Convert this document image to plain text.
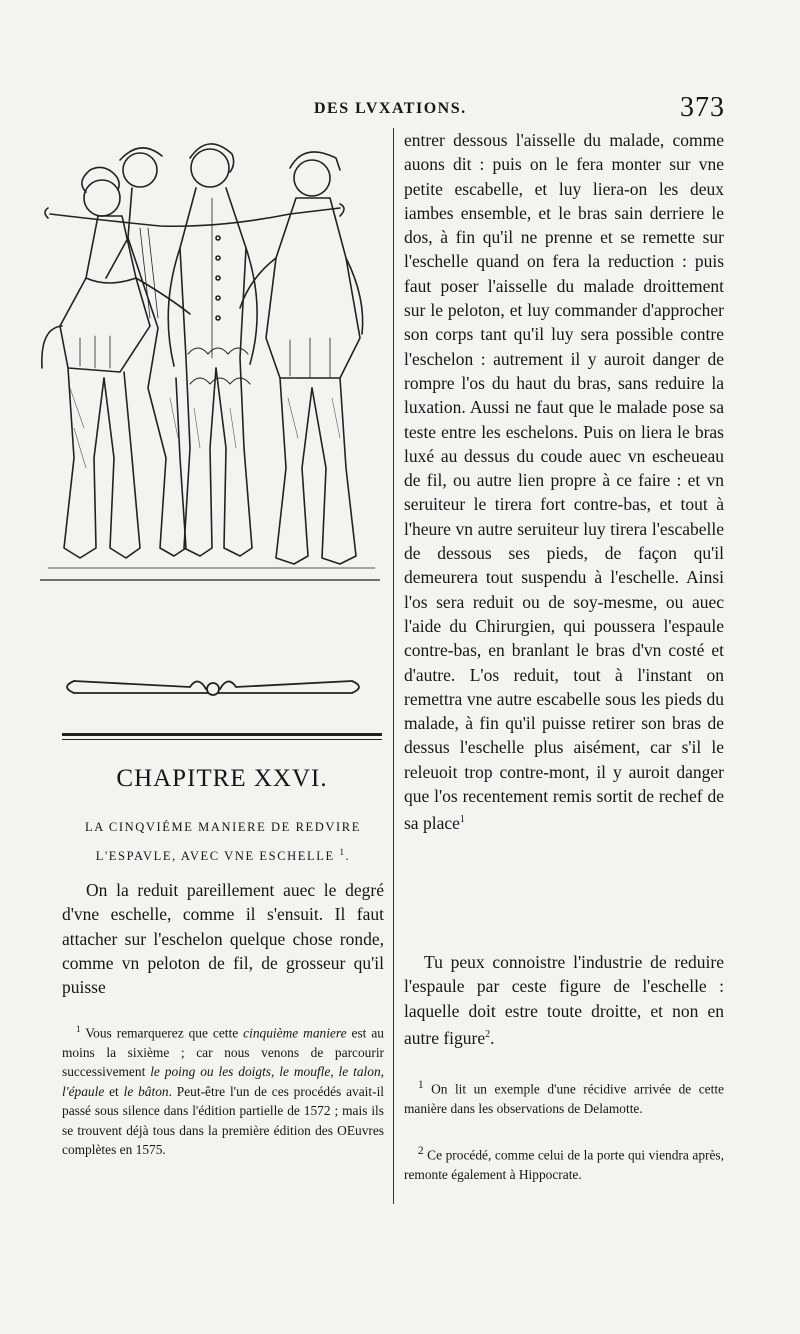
DES LVXATIONS.	373
CHAPITRE XXVI.
LA CINQVIÉME MANIERE DE REDVIRE
L'ESPAVLE, AVEC VNE ESCHELLE $^1$.

On la reduit pareillement auec le degré d'vne eschelle, comme il s'ensuit. Il faut attacher sur l'eschelon quelque chose ronde, comme vn peloton de fil, de grosseur qu'il puisse

$^1$ Vous remarquerez que cette cinquième maniere est au moins la sixième ; car nous venons de parcourir successivement le poing ou les doigts, le moufle, le talon, l'épaule et le bâton. Peut-être l'un de ces procédés avait-il passé sous silence dans l'édition partielle de 1572 ; mais ils se trouvent déjà tous dans la première édition des OEuvres complètes en 1575.

entrer dessous l'aisselle du malade, comme auons dit : puis on le fera monter sur vne petite escabelle, et luy liera-on les deux iambes ensemble, et le bras sain derriere le dos, à fin qu'il ne prenne et se remette sur l'eschelle quand on fera la reduction : puis faut poser l'aisselle du malade droittement sur le peloton, et luy commander d'approcher son corps tant qu'il luy sera possible contre l'eschelon : autrement il y auroit danger de rompre l'os du haut du bras, sans reduire la luxation. Aussi ne faut que le malade pose sa teste entre les eschelons. Puis on liera le bras luxé au dessus du coude auec vn escheueau de fil, ou autre lien propre à ce faire : et vn seruiteur le tirera fort contre-bas, et tout à l'heure vn autre seruiteur luy tirera l'escabelle de dessous ses pieds, de façon qu'il demeurera tout suspendu à l'eschelle. Ainsi l'os sera reduit ou de soy-mesme, ou auec l'aide du Chirurgien, qui poussera l'espaule contre-bas, en branlant le bras d'vn costé et d'autre. L'os reduit, tout à l'instant on remettra vne autre escabelle sous les pieds du malade, à fin qu'il puisse retirer son bras de dessus l'eschelle plus aisément, car s'il le releuoit trop contre-mont, il y auroit danger que l'os recentement remis sortit de rechef de sa place$^1$

Tu peux connoistre l'industrie de reduire l'espaule par ceste figure de l'eschelle : laquelle doit estre toute droitte, et non en autre figure$^2$.

$^1$ On lit un exemple d'une récidive arrivée de cette manière dans les observations de Delamotte.

$^2$ Ce procédé, comme celui de la porte qui viendra après, remonte également à Hippocrate.
